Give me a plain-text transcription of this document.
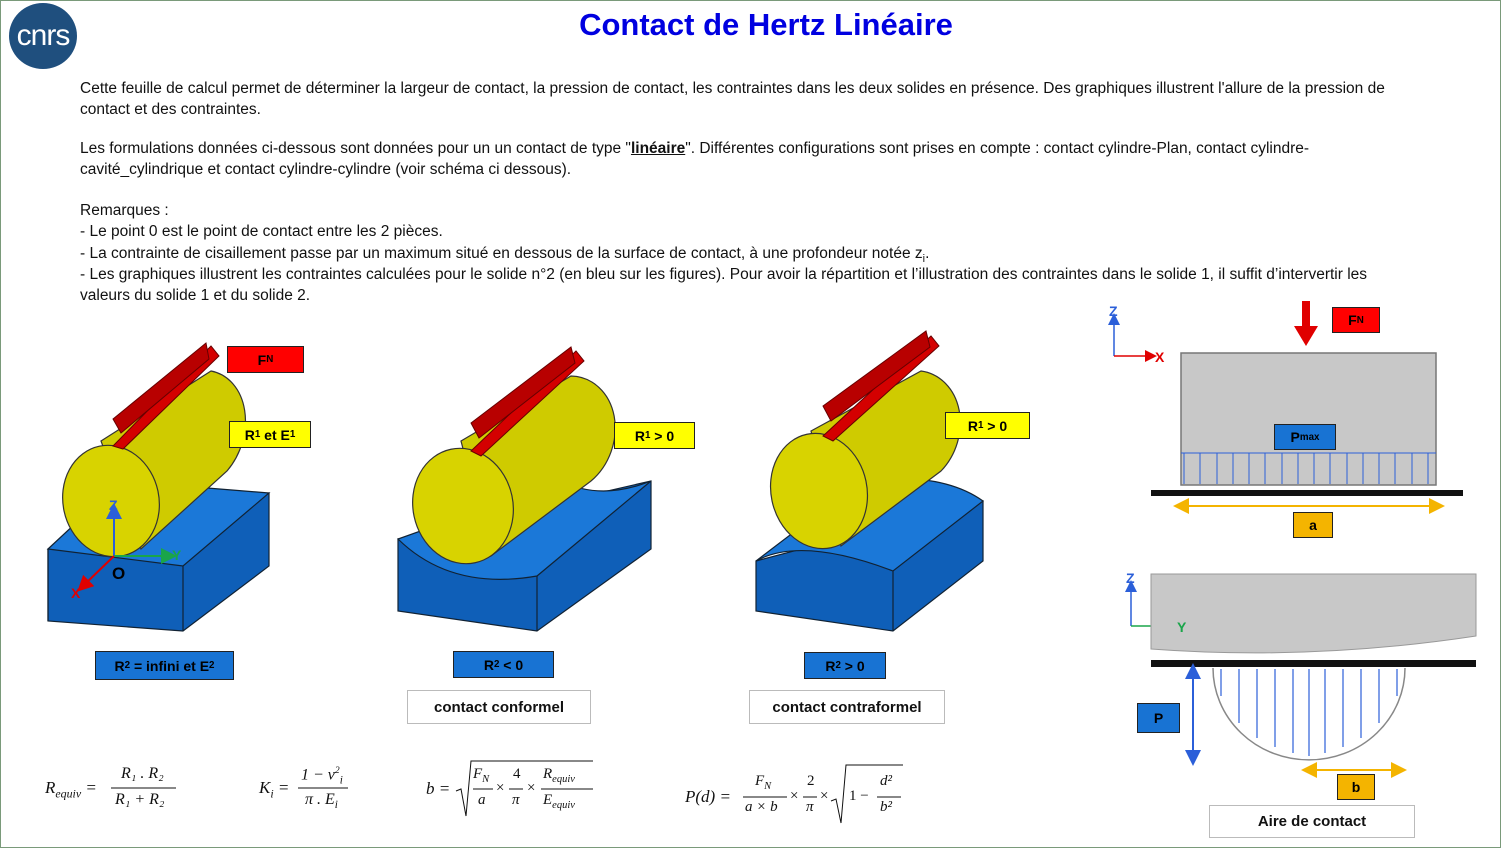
cnrs	Contact de Hertz Linéaire
Cette feuille de calcul permet de déterminer la largeur de contact, la pression de contact, les contraintes dans les deux solides en présence. Des graphiques illustrent l'allure de la pression de contact et des contraintes.
Les formulations données ci-dessous sont données pour un un contact de type "linéaire". Différentes configurations sont prises en compte : contact cylindre-Plan, contact cylindre-cavité_cylindrique et contact cylindre-cylindre (voir schéma ci dessous).
Remarques :
- Le point 0 est le point de contact entre les 2 pièces.
- La contrainte de cisaillement passe par un maximum situé en dessous de la surface de contact, à une profondeur notée $z_i$.
- Les graphiques illustrent les contraintes calculées pour le solide n°2 (en bleu sur les figures). Pour avoir la répartition et l’illustration des contraintes dans le solide 1, il suffit d’intervertir les valeurs du solide 1 et du solide 2.
Z
Y
X
O
F N
R 1 et E 1
R 2 = infini et E 2
R 1 > 0
R 2 < 0
contact conformel
R 1 > 0
R 2 > 0
contact contraformel
Z
X
F N
P max
a
Z
Y
P
b
Aire de contact
$R_{equiv}$ =
R₁ . R₂
R₁ + R₂
$K_i$ =
$1 - \nu^2_i$
π . $E_i$
b =
$F_N$
a
×
4
π
×
$R_{equiv}$
$E_{equiv}$	P(d) =
$F_N$
a × b
×
2
π
× 1 −
d²
b²
